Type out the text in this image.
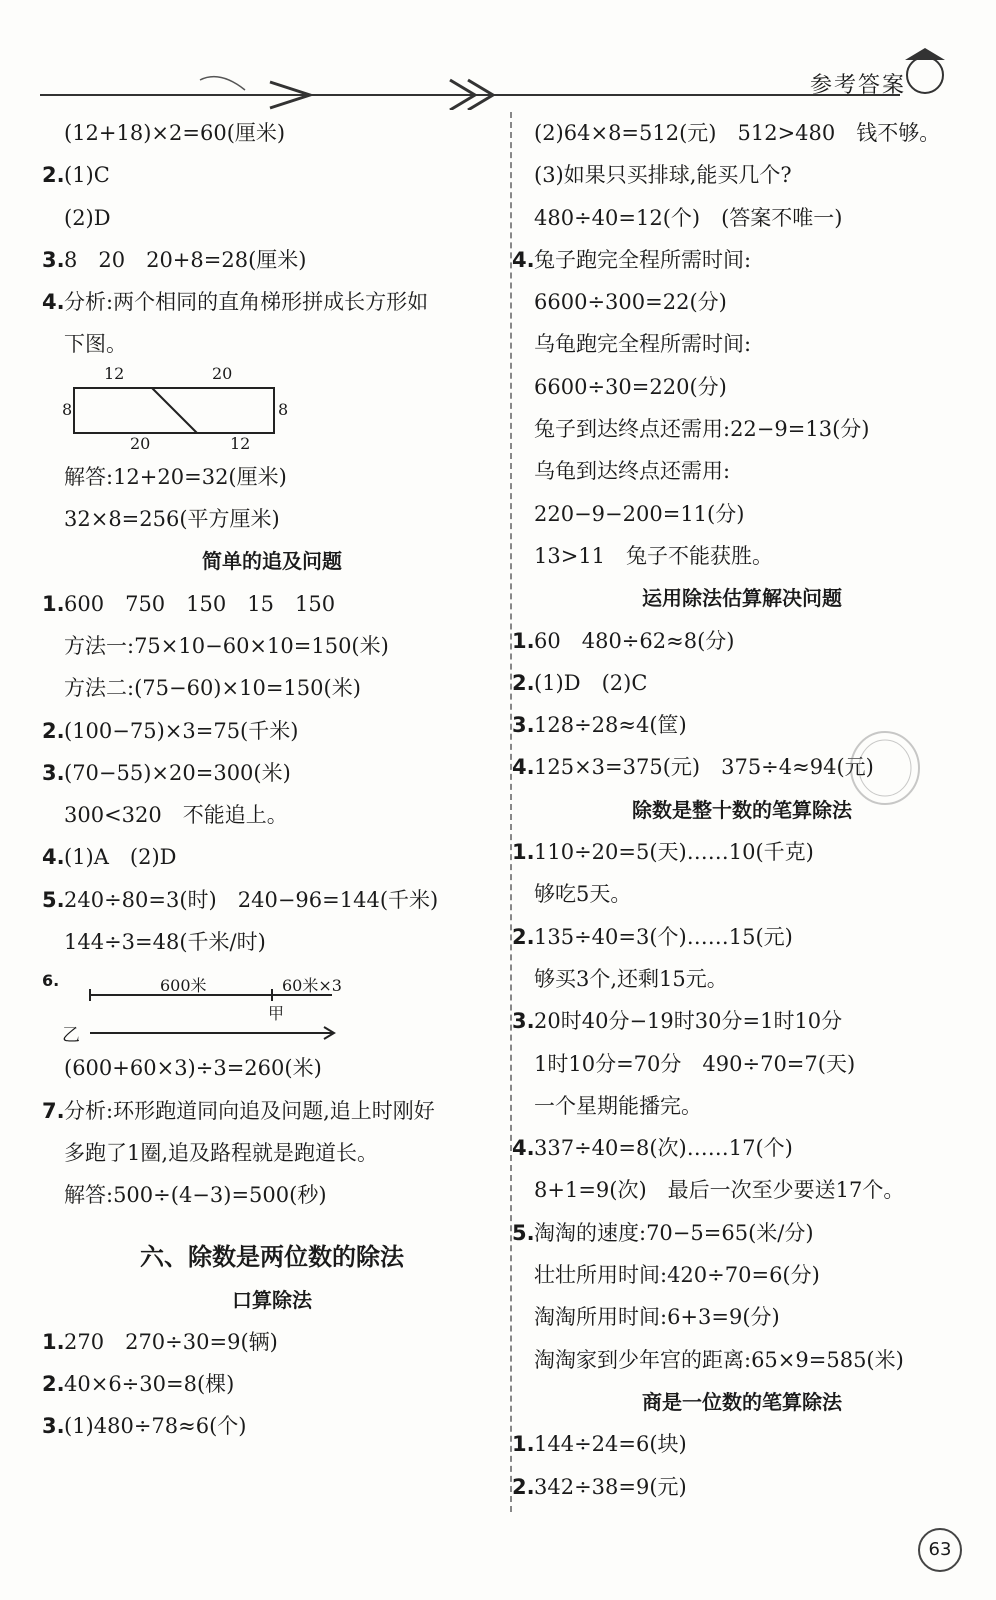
参考答案
(12+18)×2=60(厘米)
2.(1)C
(2)D
3.8　20　20+8=28(厘米)
4.分析:两个相同的直角梯形拼成长方形如
下图。
12	20
8	8
20	12
解答:12+20=32(厘米)
32×8=256(平方厘米)
简单的追及问题
1.600　750　150　15　150
方法一:75×10−60×10=150(米)
方法二:(75−60)×10=150(米)
2.(100−75)×3=75(千米)
3.(70−55)×20=300(米)
300<320　不能追上。
4.(1)A　(2)D
5.240÷80=3(时)　240−96=144(千米)
144÷3=48(千米/时)
6.	600米	60米×3
甲
乙
(600+60×3)÷3=260(米)
7.分析:环形跑道同向追及问题,追上时刚好
多跑了1圈,追及路程就是跑道长。
解答:500÷(4−3)=500(秒)
六、除数是两位数的除法
口算除法
1.270　270÷30=9(辆)
2.40×6÷30=8(棵)
3.(1)480÷78≈6(个)
(2)64×8=512(元)　512>480　钱不够。
(3)如果只买排球,能买几个?
480÷40=12(个)　(答案不唯一)
4.兔子跑完全程所需时间:
6600÷300=22(分)
乌龟跑完全程所需时间:
6600÷30=220(分)
兔子到达终点还需用:22−9=13(分)
乌龟到达终点还需用:
220−9−200=11(分)
13>11　兔子不能获胜。
运用除法估算解决问题
1.60　480÷62≈8(分)
2.(1)D　(2)C
3.128÷28≈4(筐)
4.125×3=375(元)　375÷4≈94(元)
除数是整十数的笔算除法
1.110÷20=5(天)……10(千克)
够吃5天。
2.135÷40=3(个)……15(元)
够买3个,还剩15元。
3.20时40分−19时30分=1时10分
1时10分=70分　490÷70=7(天)
一个星期能播完。
4.337÷40=8(次)……17(个)
8+1=9(次)　最后一次至少要送17个。
5.淘淘的速度:70−5=65(米/分)
壮壮所用时间:420÷70=6(分)
淘淘所用时间:6+3=9(分)
淘淘家到少年宫的距离:65×9=585(米)
商是一位数的笔算除法
1.144÷24=6(块)
2.342÷38=9(元)
63
